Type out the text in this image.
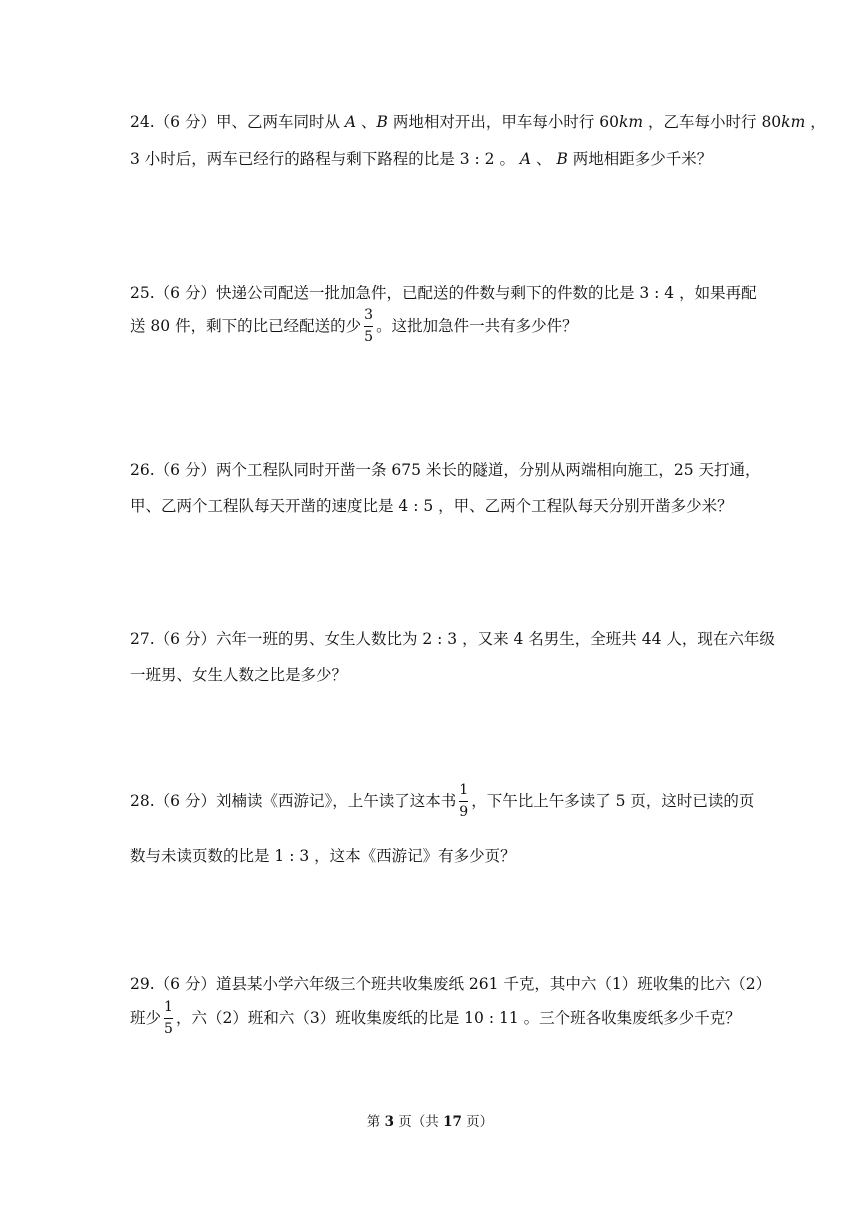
24.（6 分）甲、乙两车同时从 A 、B 两地相对开出，甲车每小时行 60km ，乙车每小时行 80km ，
3 小时后，两车已经行的路程与剩下路程的比是 3 : 2 。 A 、 B 两地相距多少千米？
25.（6 分）快递公司配送一批加急件，已配送的件数与剩下的件数的比是 3 : 4 ，如果再配
送 80 件，剩下的比已经配送的少 $\frac{3}{5}$ 。这批加急件一共有多少件？
26.（6 分）两个工程队同时开凿一条 675 米长的隧道，分别从两端相向施工，25 天打通，
甲、乙两个工程队每天开凿的速度比是 4 : 5 ，甲、乙两个工程队每天分别开凿多少米？
27.（6 分）六年一班的男、女生人数比为 2 : 3 ，又来 4 名男生，全班共 44 人，现在六年级
一班男、女生人数之比是多少？
28.（6 分）刘楠读《西游记》，上午读了这本书 $\frac{1}{9}$ ，下午比上午多读了 5 页，这时已读的页
数与未读页数的比是 1 : 3 ，这本《西游记》有多少页？
29.（6 分）道县某小学六年级三个班共收集废纸 261 千克，其中六（1）班收集的比六（2）
班少 $\frac{1}{5}$ ，六（2）班和六（3）班收集废纸的比是 10 : 11 。三个班各收集废纸多少千克？
第 3 页（共 17 页）
